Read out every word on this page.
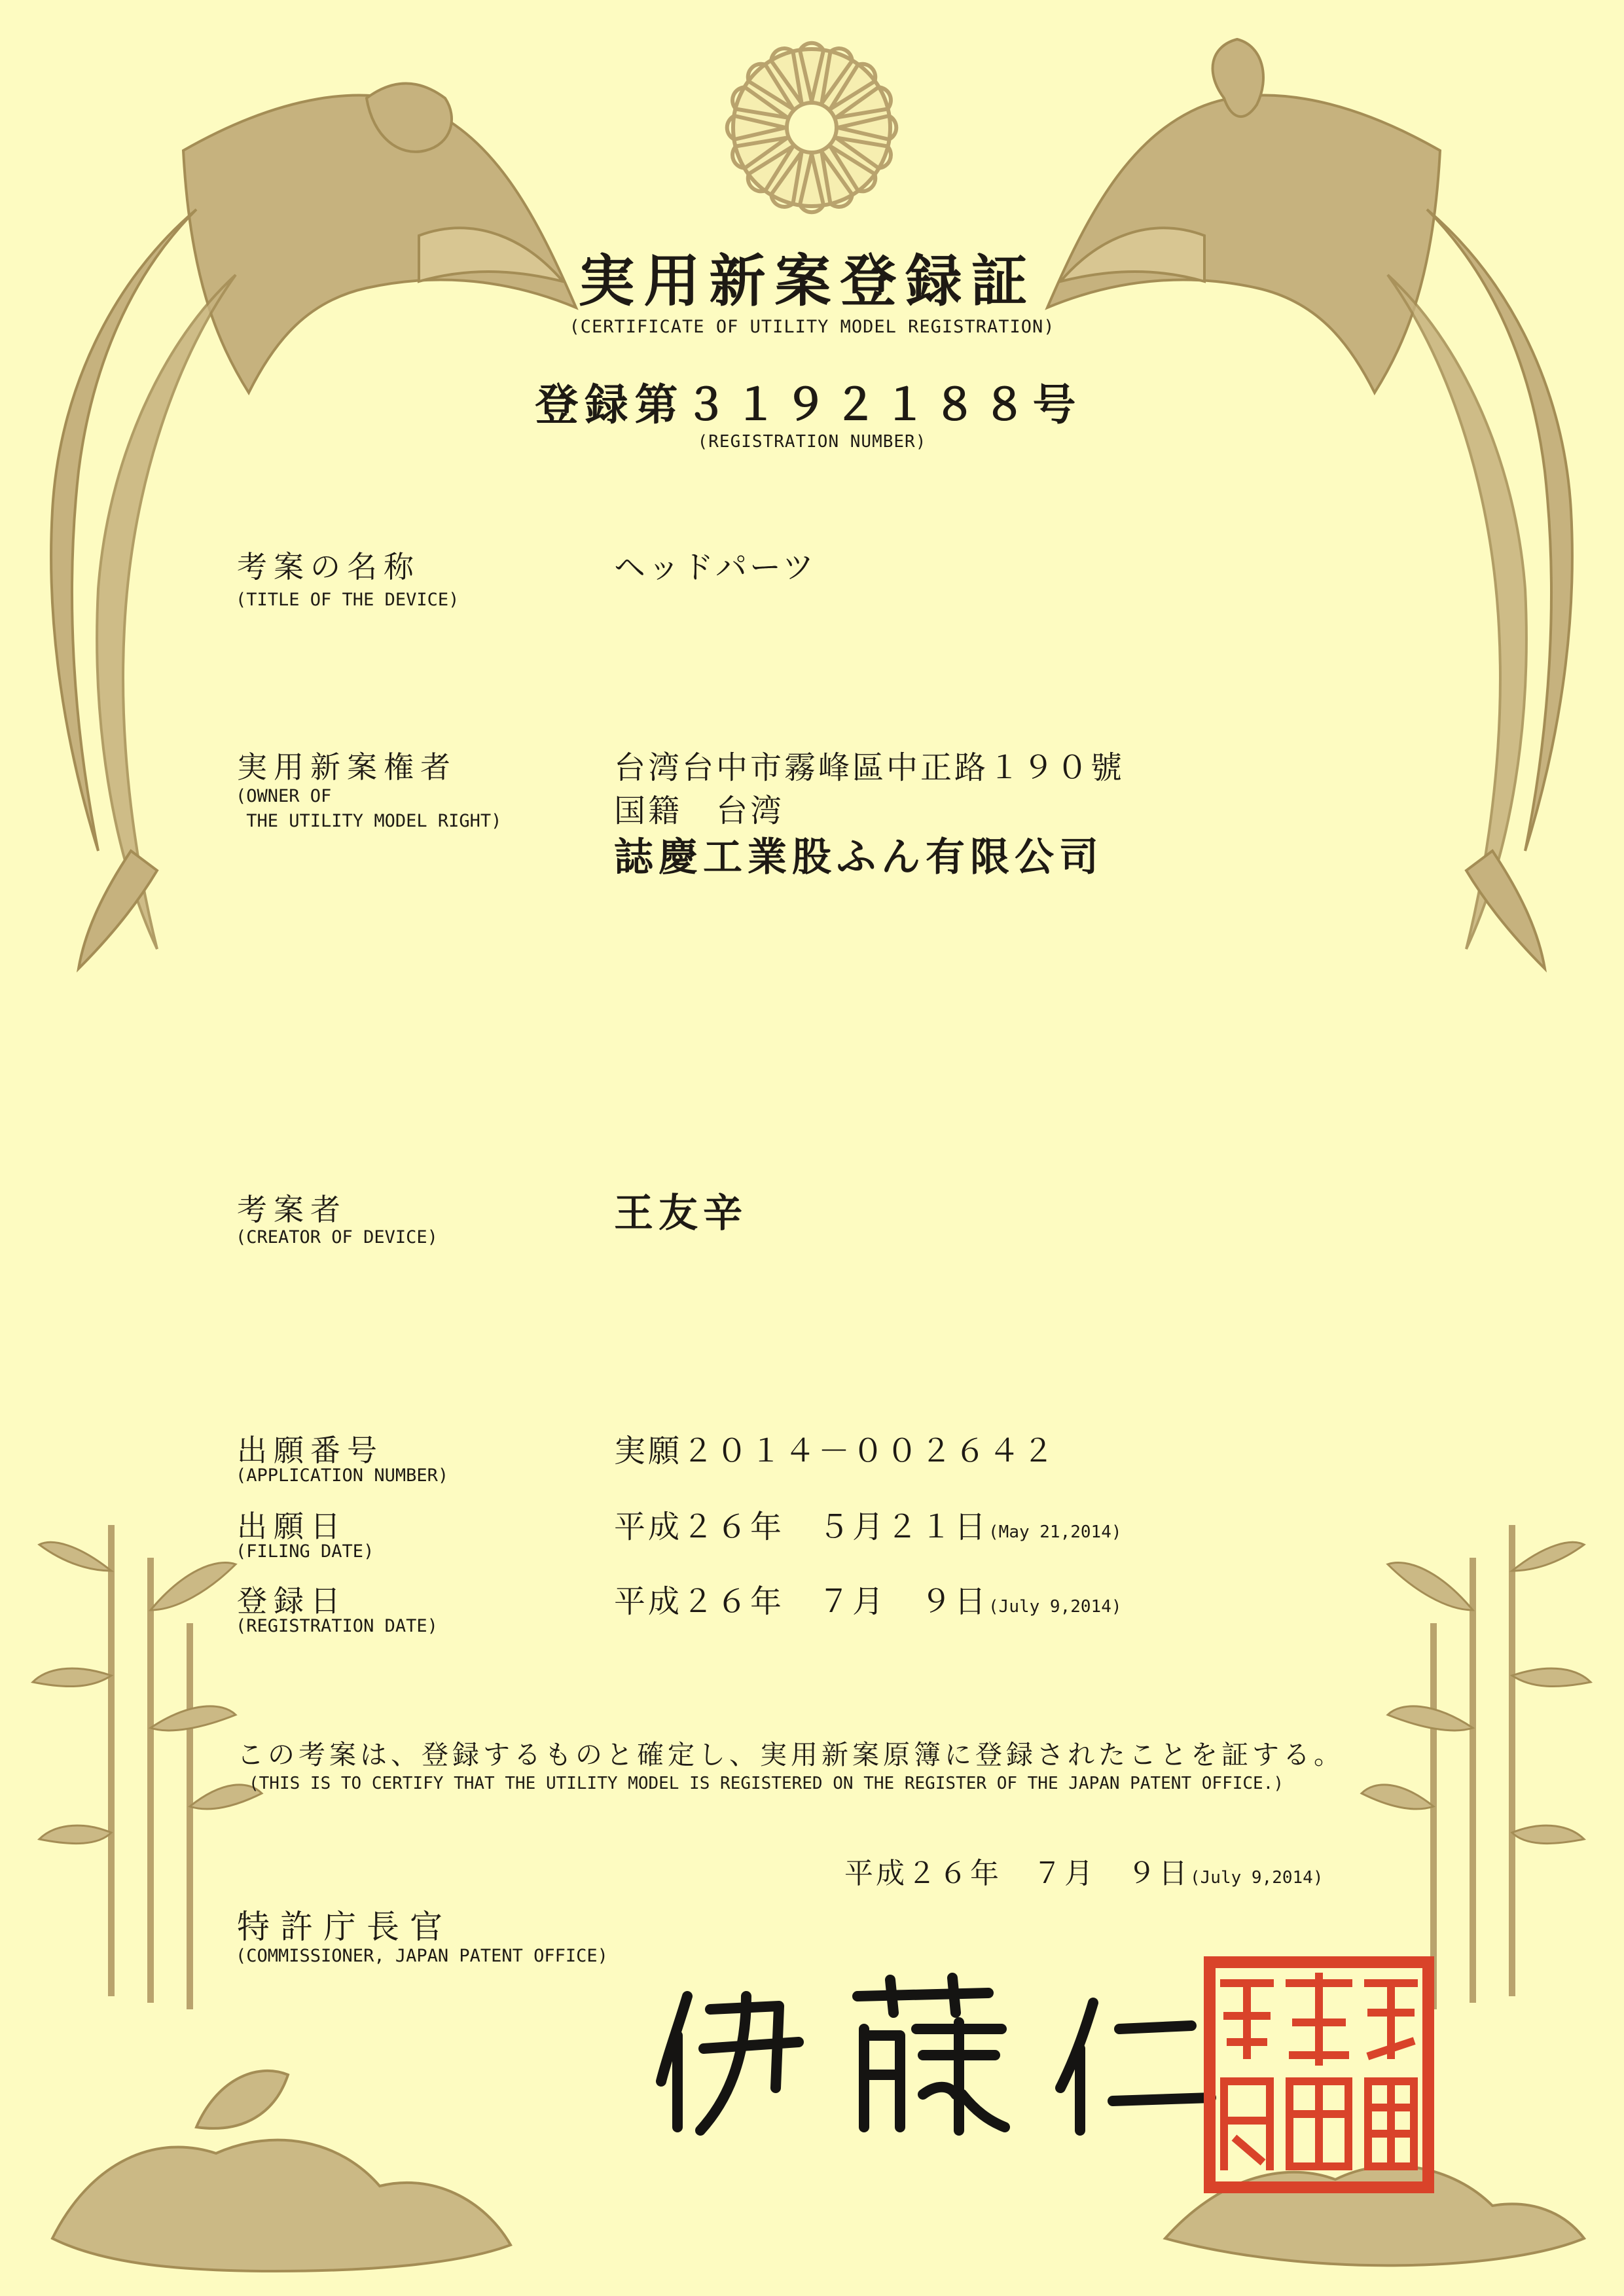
実用新案登録証
(CERTIFICATE OF UTILITY MODEL REGISTRATION)
登録第３１９２１８８号
(REGISTRATION NUMBER)
考案の名称
(TITLE OF THE DEVICE)
ヘッドパーツ
実用新案権者
(OWNER OF
THE UTILITY MODEL RIGHT)
台湾台中市霧峰區中正路１９０號
国籍　台湾
誌慶工業股ふん有限公司
考案者
(CREATOR OF DEVICE)
王友辛
出願番号
(APPLICATION NUMBER)
実願２０１４－００２６４２
出願日
(FILING DATE)
平成２６年　５月２１日(May 21,2014)
登録日
(REGISTRATION DATE)
平成２６年　７月　９日(July 9,2014)
この考案は、登録するものと確定し、実用新案原簿に登録されたことを証する。
(THIS IS TO CERTIFY THAT THE UTILITY MODEL IS REGISTERED ON THE REGISTER OF THE JAPAN PATENT OFFICE.)
平成２６年　７月　９日(July 9,2014)
特許庁長官
(COMMISSIONER, JAPAN PATENT OFFICE)
